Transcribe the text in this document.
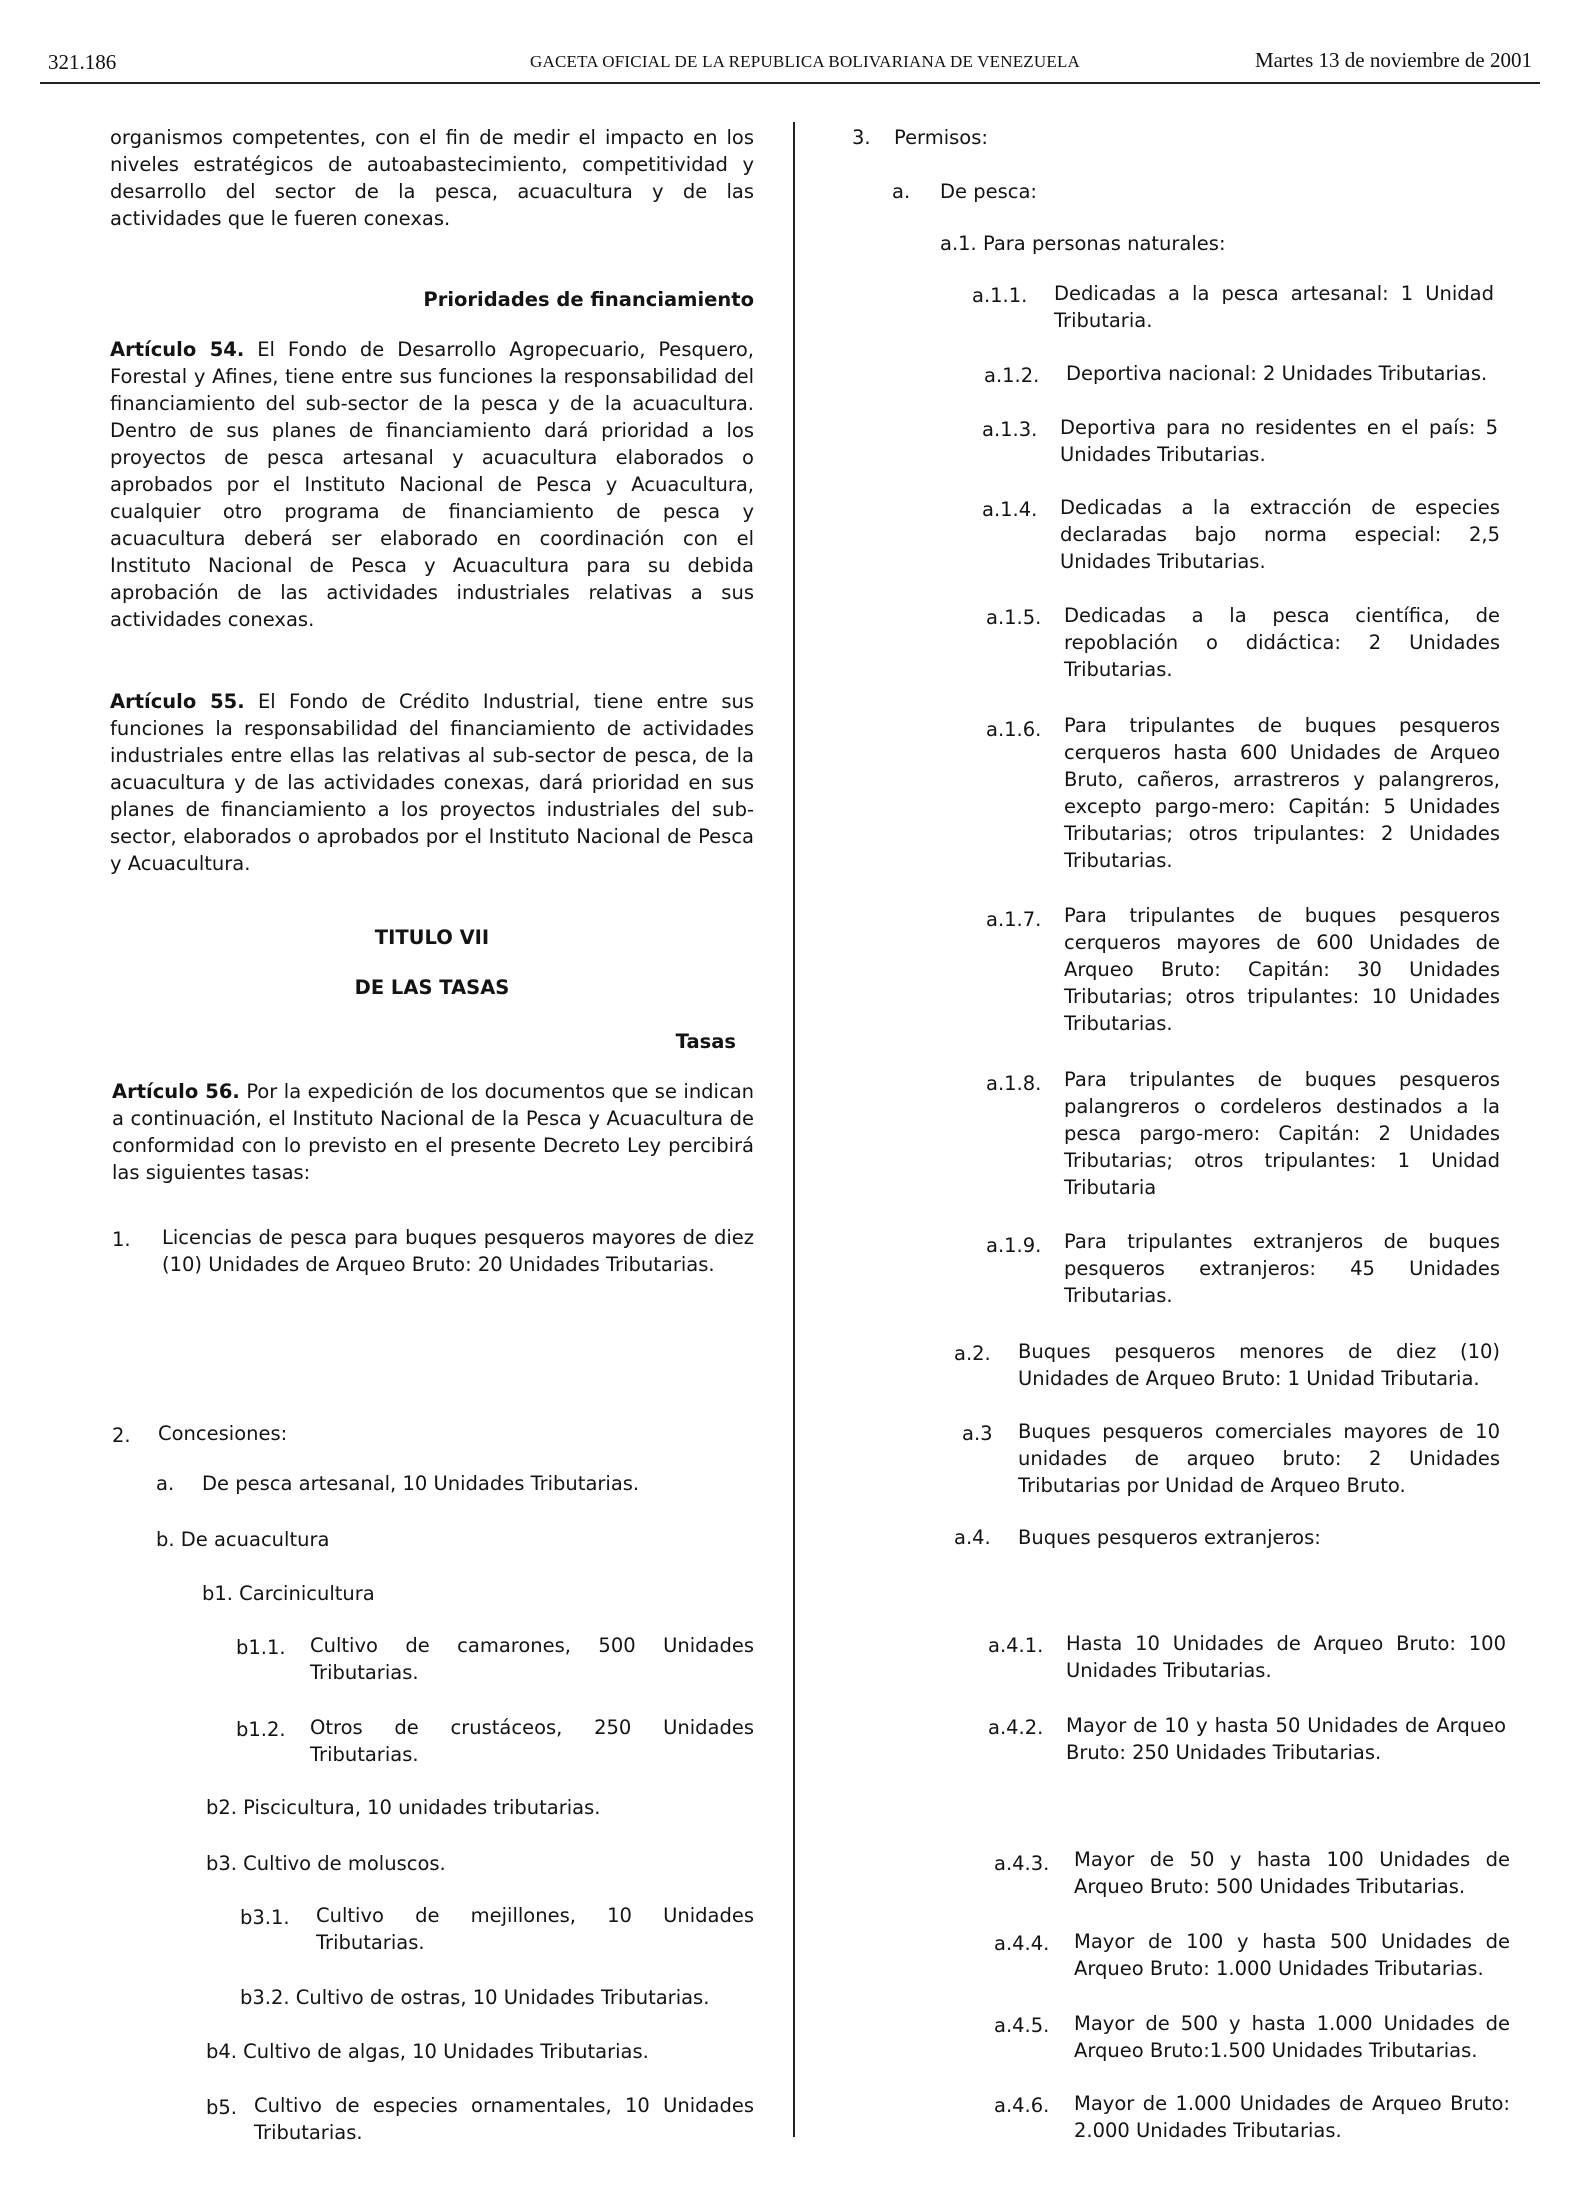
321.186	GACETA OFICIAL DE LA REPUBLICA BOLIVARIANA DE VENEZUELA	Martes 13 de noviembre de 2001

organismos competentes, con el fin de medir el impacto en los niveles estratégicos de autoabastecimiento, competitividad y desarrollo del sector de la pesca, acuacultura y de las actividades que le fueren conexas.

Prioridades de financiamiento

Artículo 54. El Fondo de Desarrollo Agropecuario, Pesquero, Forestal y Afines, tiene entre sus funciones la responsabilidad del financiamiento del sub-sector de la pesca y de la acuacultura. Dentro de sus planes de financiamiento dará prioridad a los proyectos de pesca artesanal y acuacultura elaborados o aprobados por el Instituto Nacional de Pesca y Acuacultura, cualquier otro programa de financiamiento de pesca y acuacultura deberá ser elaborado en coordinación con el Instituto Nacional de Pesca y Acuacultura para su debida aprobación de las actividades industriales relativas a sus actividades conexas.

Artículo 55. El Fondo de Crédito Industrial, tiene entre sus funciones la responsabilidad del financiamiento de actividades industriales entre ellas las relativas al sub-sector de pesca, de la acuacultura y de las actividades conexas, dará prioridad en sus planes de financiamiento a los proyectos industriales del sub-sector, elaborados o aprobados por el Instituto Nacional de Pesca y Acuacultura.

TITULO VII

DE LAS TASAS

Tasas

Artículo 56. Por la expedición de los documentos que se indican a continuación, el Instituto Nacional de la Pesca y Acuacultura de conformidad con lo previsto en el presente Decreto Ley percibirá las siguientes tasas:

1. Licencias de pesca para buques pesqueros mayores de diez (10) Unidades de Arqueo Bruto: 20 Unidades Tributarias.

2. Concesiones:

a. De pesca artesanal, 10 Unidades Tributarias.

b. De acuacultura

b1. Carcinicultura

b1.1. Cultivo de camarones, 500 Unidades Tributarias.

b1.2. Otros de crustáceos, 250 Unidades Tributarias.

b2. Piscicultura, 10 unidades tributarias.

b3. Cultivo de moluscos.

b3.1. Cultivo de mejillones, 10 Unidades Tributarias.

b3.2. Cultivo de ostras, 10 Unidades Tributarias.

b4. Cultivo de algas, 10 Unidades Tributarias.

b5. Cultivo de especies ornamentales, 10 Unidades Tributarias.

3. Permisos:

a. De pesca:

a.1. Para personas naturales:

a.1.1. Dedicadas a la pesca artesanal: 1 Unidad Tributaria.

a.1.2. Deportiva nacional: 2 Unidades Tributarias.

a.1.3. Deportiva para no residentes en el país: 5 Unidades Tributarias.

a.1.4. Dedicadas a la extracción de especies declaradas bajo norma especial: 2,5 Unidades Tributarias.

a.1.5. Dedicadas a la pesca científica, de repoblación o didáctica: 2 Unidades Tributarias.

a.1.6. Para tripulantes de buques pesqueros cerqueros hasta 600 Unidades de Arqueo Bruto, cañeros, arrastreros y palangreros, excepto pargo-mero: Capitán: 5 Unidades Tributarias; otros tripulantes: 2 Unidades Tributarias.

a.1.7. Para tripulantes de buques pesqueros cerqueros mayores de 600 Unidades de Arqueo Bruto: Capitán: 30 Unidades Tributarias; otros tripulantes: 10 Unidades Tributarias.

a.1.8. Para tripulantes de buques pesqueros palangreros o cordeleros destinados a la pesca pargo-mero: Capitán: 2 Unidades Tributarias; otros tripulantes: 1 Unidad Tributaria

a.1.9. Para tripulantes extranjeros de buques pesqueros extranjeros: 45 Unidades Tributarias.

a.2. Buques pesqueros menores de diez (10) Unidades de Arqueo Bruto: 1 Unidad Tributaria.

a.3 Buques pesqueros comerciales mayores de 10 unidades de arqueo bruto: 2 Unidades Tributarias por Unidad de Arqueo Bruto.

a.4. Buques pesqueros extranjeros:

a.4.1. Hasta 10 Unidades de Arqueo Bruto: 100 Unidades Tributarias.

a.4.2. Mayor de 10 y hasta 50 Unidades de Arqueo Bruto: 250 Unidades Tributarias.

a.4.3. Mayor de 50 y hasta 100 Unidades de Arqueo Bruto: 500 Unidades Tributarias.

a.4.4. Mayor de 100 y hasta 500 Unidades de Arqueo Bruto: 1.000 Unidades Tributarias.

a.4.5. Mayor de 500 y hasta 1.000 Unidades de Arqueo Bruto:1.500 Unidades Tributarias.

a.4.6. Mayor de 1.000 Unidades de Arqueo Bruto: 2.000 Unidades Tributarias.
